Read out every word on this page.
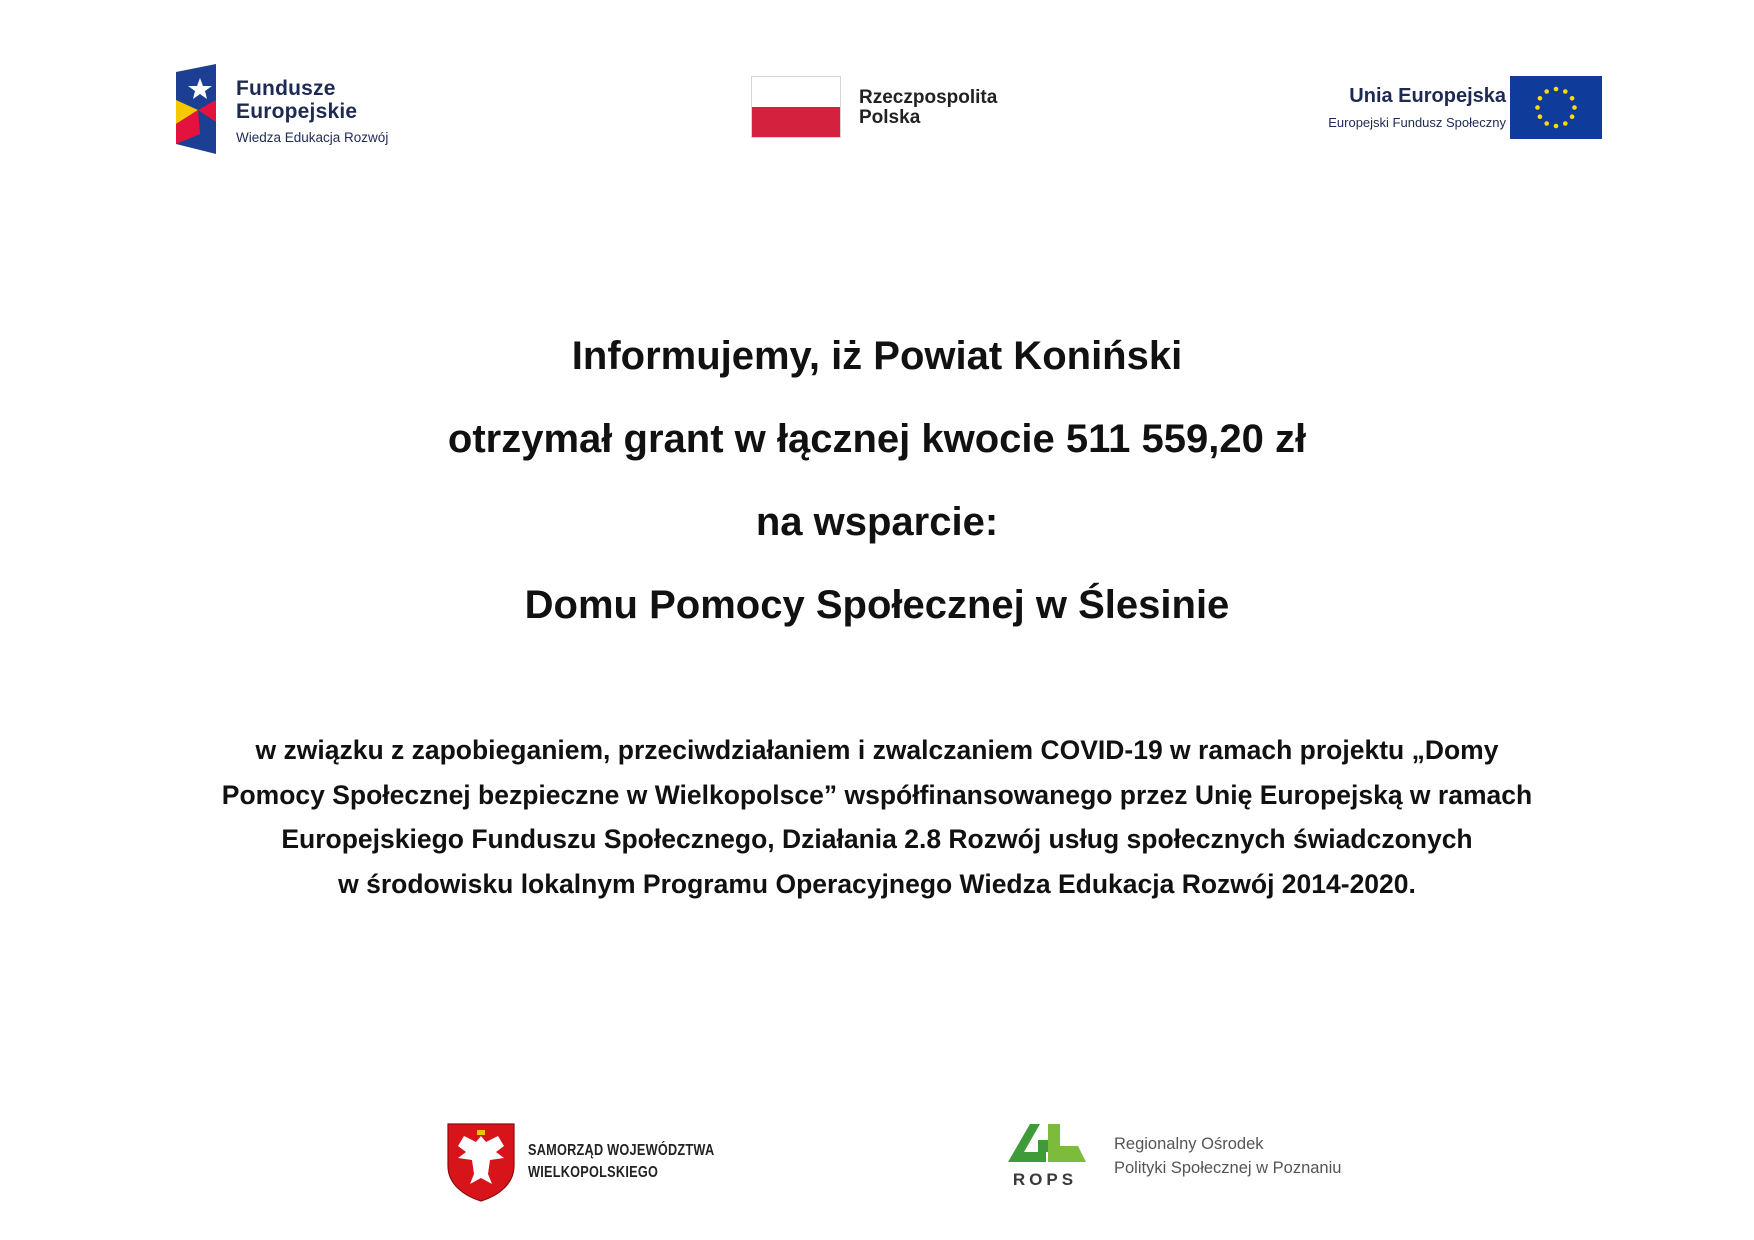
Fundusze
Europejskie
Wiedza Edukacja Rozwój
Rzeczpospolita
Polska
Unia Europejska
Europejski Fundusz Społeczny
Informujemy, iż Powiat Koniński
otrzymał grant w łącznej kwocie 511 559,20 zł
na wsparcie:
Domu Pomocy Społecznej w Ślesinie
w związku z zapobieganiem, przeciwdziałaniem i zwalczaniem COVID-19 w ramach projektu „Domy
Pomocy Społecznej bezpieczne w Wielkopolsce” współfinansowanego przez Unię Europejską w ramach
Europejskiego Funduszu Społecznego, Działania 2.8 Rozwój usług społecznych świadczonych
w środowisku lokalnym Programu Operacyjnego Wiedza Edukacja Rozwój 2014-2020.
SAMORZĄD WOJEWÓDZTWA
WIELKOPOLSKIEGO	ROPS
Regionalny Ośrodek
Polityki Społecznej w Poznaniu
